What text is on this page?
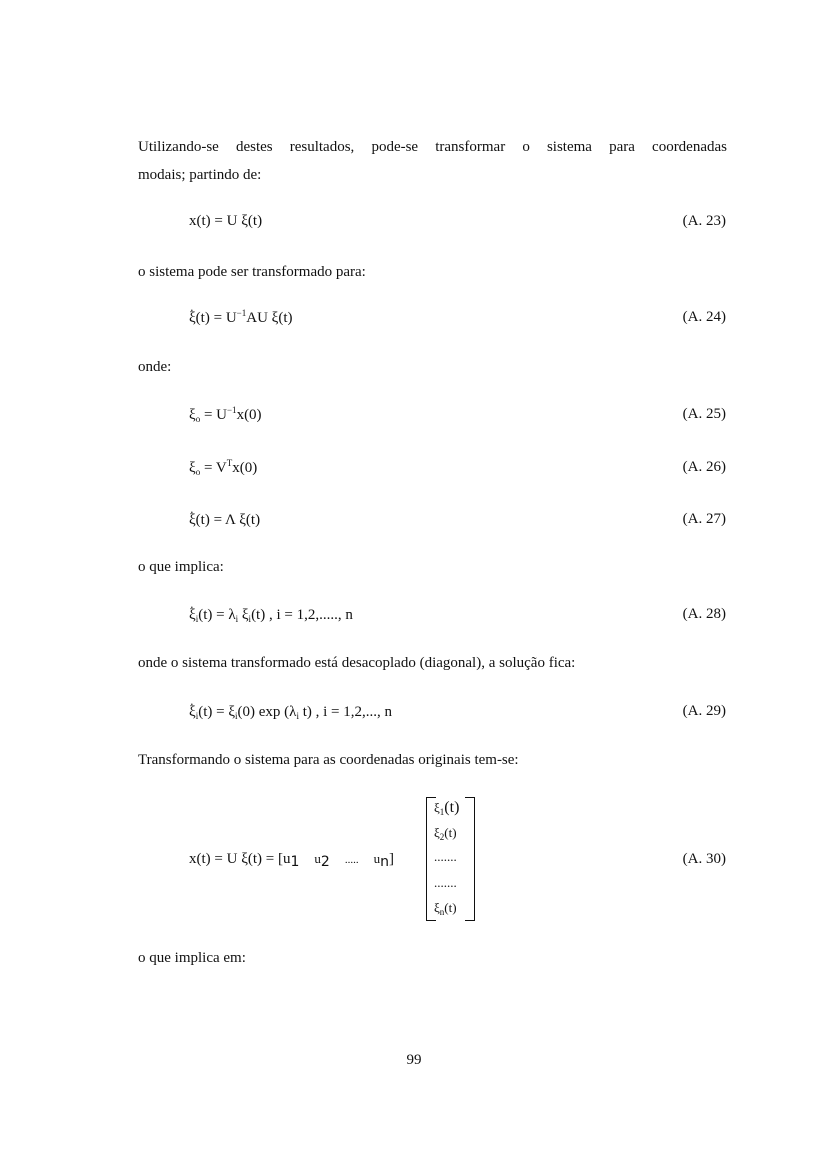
Utilizando-se destes resultados, pode-se transformar o sistema para coordenadas
modais; partindo de:
x(t) = U ξ(t)	(A. 23)
o sistema pode ser transformado para:
․ $\xi(t) = U^{-1}AU$ ξ(t)	(A. 24)
onde:
$\xi_o = U^{-1}x(0)$	(A. 25)
$\xi_o = V^Tx(0)$	(A. 26)
․ ξ(t) = Λ ξ(t)	(A. 27)
o que implica:
․ $\xi_i(t) = \lambda_i$ $\xi_i(t)$ , i = 1,2,....., n	(A. 28)
onde o sistema transformado está desacoplado (diagonal), a solução fica:
․ $\xi_i(t) = \xi_i(0)$ $\exp (\lambda_i$ t) , i = 1,2,..., n	(A. 29)
Transformando o sistema para as coordenadas originais tem-se:
x(t) = U ξ(t) = [u1 u2 ..... un]	(A. 30)
$\xi_1(t)$
$\xi_2(t)$
.......
.......
$\xi_n(t)$
o que implica em:
99
